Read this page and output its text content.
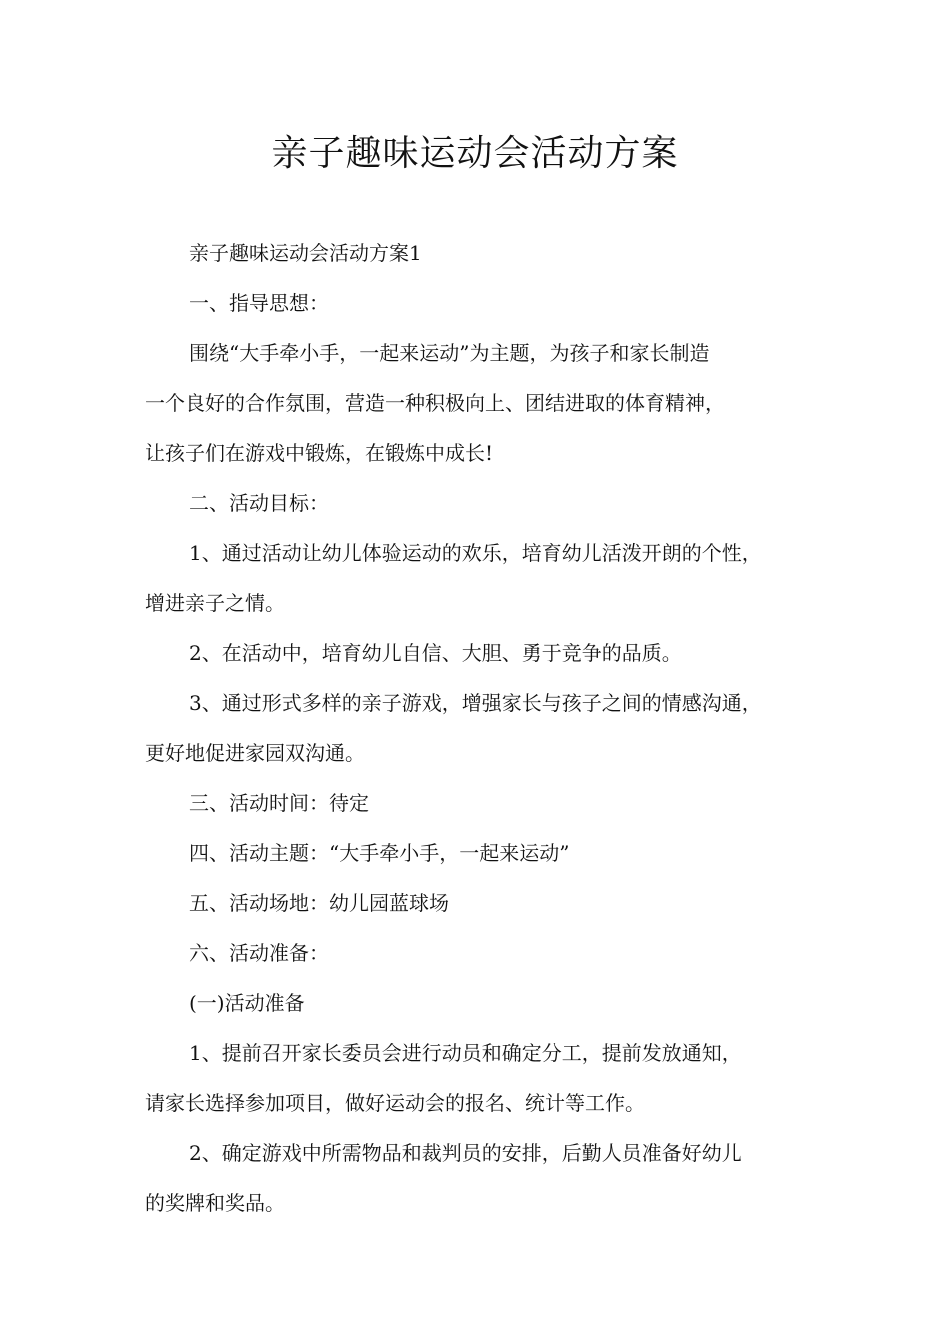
亲子趣味运动会活动方案

亲子趣味运动会活动方案1

一、指导思想：

围绕“大手牵小手，一起来运动”为主题，为孩子和家长制造

一个良好的合作氛围，营造一种积极向上、团结进取的体育精神，

让孩子们在游戏中锻炼，在锻炼中成长!

二、活动目标：

1、通过活动让幼儿体验运动的欢乐，培育幼儿活泼开朗的个性，

增进亲子之情。

2、在活动中，培育幼儿自信、大胆、勇于竞争的品质。

3、通过形式多样的亲子游戏，增强家长与孩子之间的情感沟通，

更好地促进家园双沟通。

三、活动时间：待定

四、活动主题：“大手牵小手，一起来运动”

五、活动场地：幼儿园蓝球场

六、活动准备：

(一)活动准备

1、提前召开家长委员会进行动员和确定分工，提前发放通知，

请家长选择参加项目，做好运动会的报名、统计等工作。

2、确定游戏中所需物品和裁判员的安排，后勤人员准备好幼儿

的奖牌和奖品。
